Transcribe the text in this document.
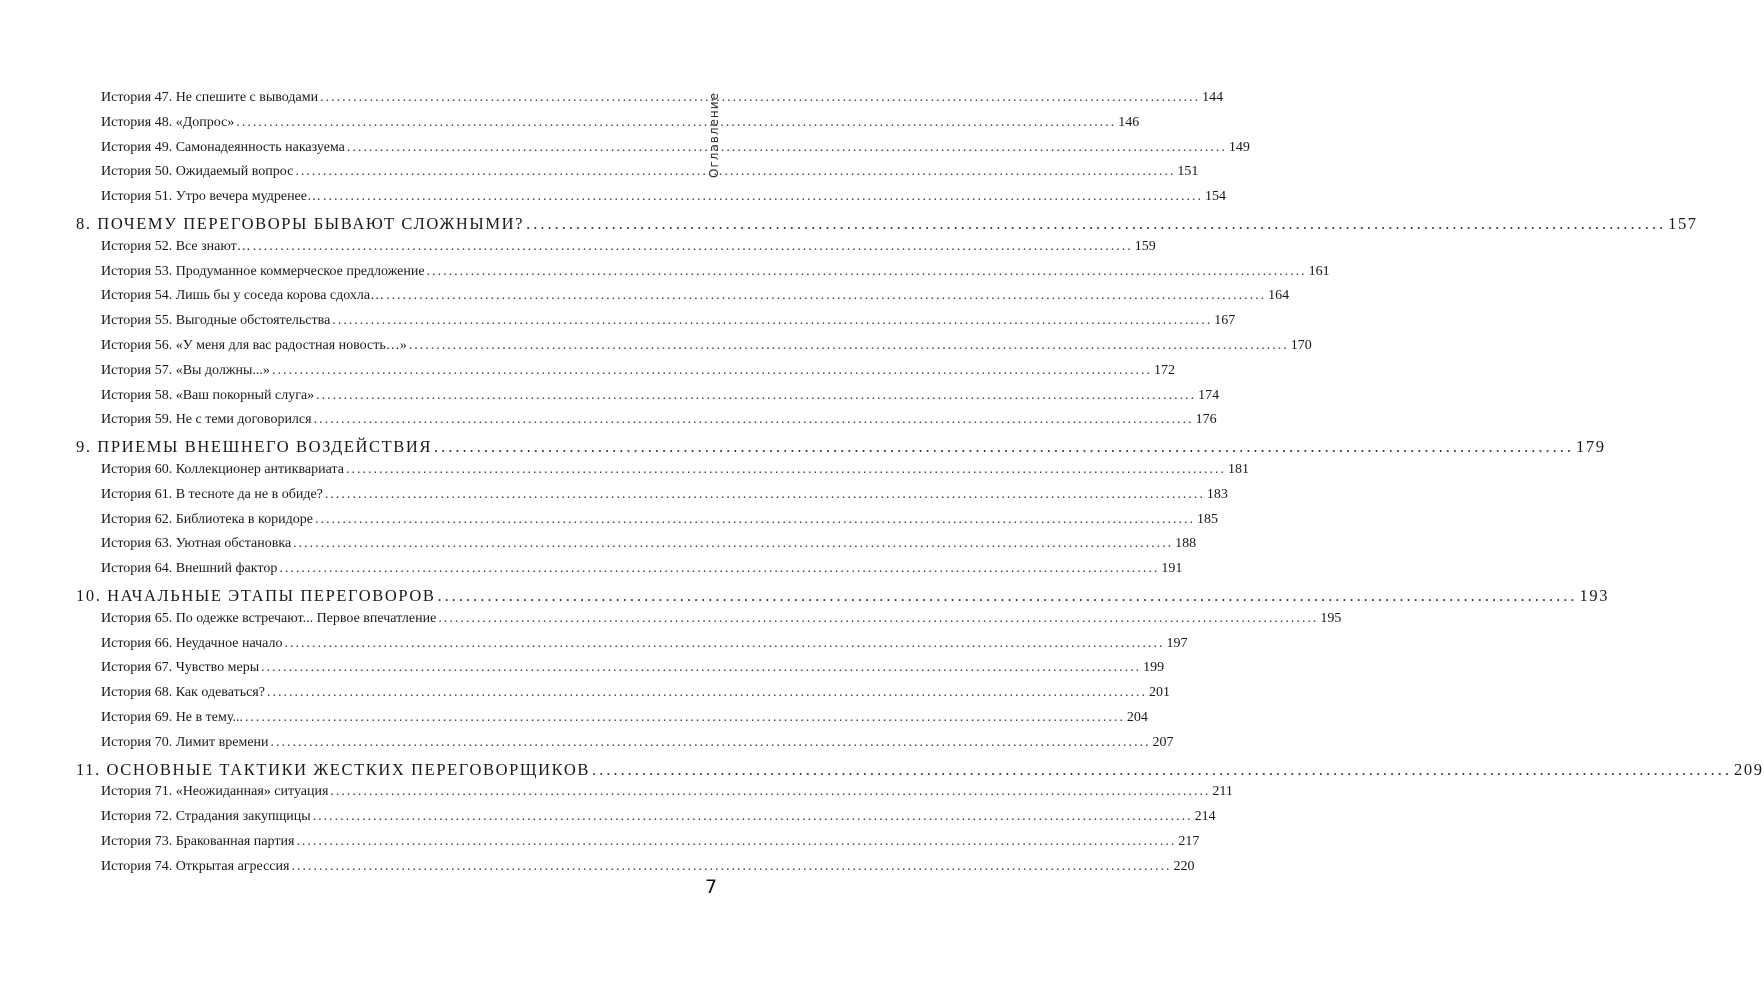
История 47. Не спешите с выводами ................................................................................................................................................................ 144
История 48. «Допрос» ................................................................................................................................................................ 146
История 49. Самонадеянность наказуема ................................................................................................................................................................ 149
История 50. Ожидаемый вопрос ................................................................................................................................................................ 151
История 51. Утро вечера мудренее… ................................................................................................................................................................ 154
8. ПОЧЕМУ ПЕРЕГОВОРЫ БЫВАЮТ СЛОЖНЫМИ? ................................................................................................................................................................ 157
История 52. Все знают… ................................................................................................................................................................ 159
История 53. Продуманное коммерческое предложение ................................................................................................................................................................ 161
История 54. Лишь бы у соседа корова сдохла… ................................................................................................................................................................ 164
История 55. Выгодные обстоятельства ................................................................................................................................................................ 167
История 56. «У меня для вас радостная новость…» ................................................................................................................................................................ 170
История 57. «Вы должны...» ................................................................................................................................................................ 172
История 58. «Ваш покорный слуга» ................................................................................................................................................................ 174
История 59. Не с теми договорился ................................................................................................................................................................ 176
9. ПРИЕМЫ ВНЕШНЕГО ВОЗДЕЙСТВИЯ ................................................................................................................................................................ 179
История 60. Коллекционер антиквариата ................................................................................................................................................................ 181
История 61. В тесноте да не в обиде? ................................................................................................................................................................ 183
История 62. Библиотека в коридоре ................................................................................................................................................................ 185
История 63. Уютная обстановка ................................................................................................................................................................ 188
История 64. Внешний фактор ................................................................................................................................................................ 191
10. НАЧАЛЬНЫЕ ЭТАПЫ ПЕРЕГОВОРОВ ................................................................................................................................................................ 193
История 65. По одежке встречают... Первое впечатление ................................................................................................................................................................ 195
История 66. Неудачное начало ................................................................................................................................................................ 197
История 67. Чувство меры ................................................................................................................................................................ 199
История 68. Как одеваться? ................................................................................................................................................................ 201
История 69. Не в тему... ................................................................................................................................................................ 204
История 70. Лимит времени ................................................................................................................................................................ 207
11. ОСНОВНЫЕ ТАКТИКИ ЖЕСТКИХ ПЕРЕГОВОРЩИКОВ ................................................................................................................................................................ 209
История 71. «Неожиданная» ситуация ................................................................................................................................................................ 211
История 72. Страдания закупщицы ................................................................................................................................................................ 214
История 73. Бракованная партия ................................................................................................................................................................ 217
История 74. Открытая агрессия ................................................................................................................................................................ 220
Оглавление
7
